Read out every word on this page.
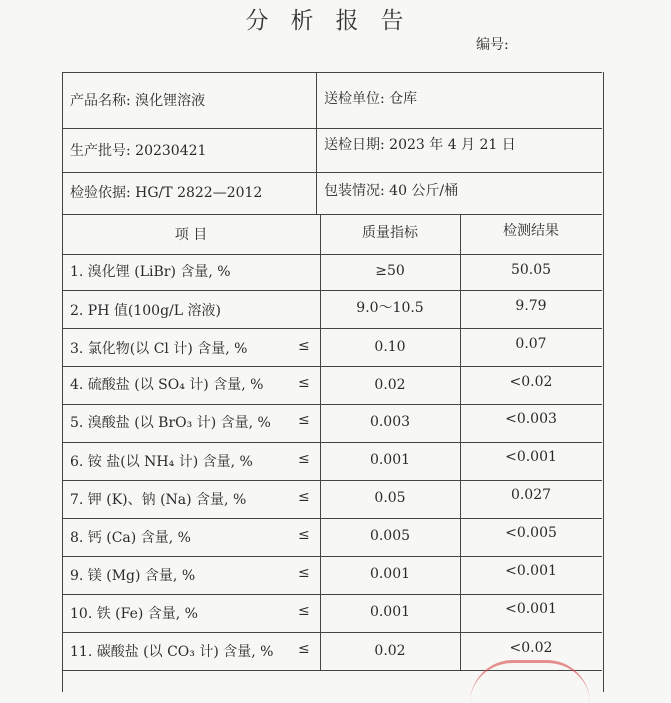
分析报告
编号:
产品名称: 溴化锂溶液	送检单位: 仓库
生产批号: 20230421	送检日期: 2023 年 4 月 21 日
检验依据: HG/T 2822—2012	包装情况: 40 公斤/桶
项 目	质量指标	检测结果
1. 溴化锂 (LiBr) 含量, %	≥50	50.05
2. PH 值(100g/L 溶液)	9.0～10.5	9.79
3. 氯化物(以 Cl 计) 含量, %	≤	0.10	0.07
4. 硫酸盐 (以 SO₄ 计) 含量, % ≤	0.02	<0.02
5. 溴酸盐 (以 BrO₃ 计) 含量, % ≤	0.003	<0.003
6. 铵 盐(以 NH₄ 计) 含量, %	≤	0.001	<0.001
7. 钾 (K)、钠 (Na) 含量, %	≤	0.05	0.027
8. 钙 (Ca) 含量, %	≤	0.005	<0.005
9. 镁 (Mg) 含量, %	≤	0.001	<0.001
10. 铁 (Fe) 含量, %	≤	0.001	<0.001
11. 碳酸盐 (以 CO₃ 计) 含量, % ≤	0.02	<0.02
